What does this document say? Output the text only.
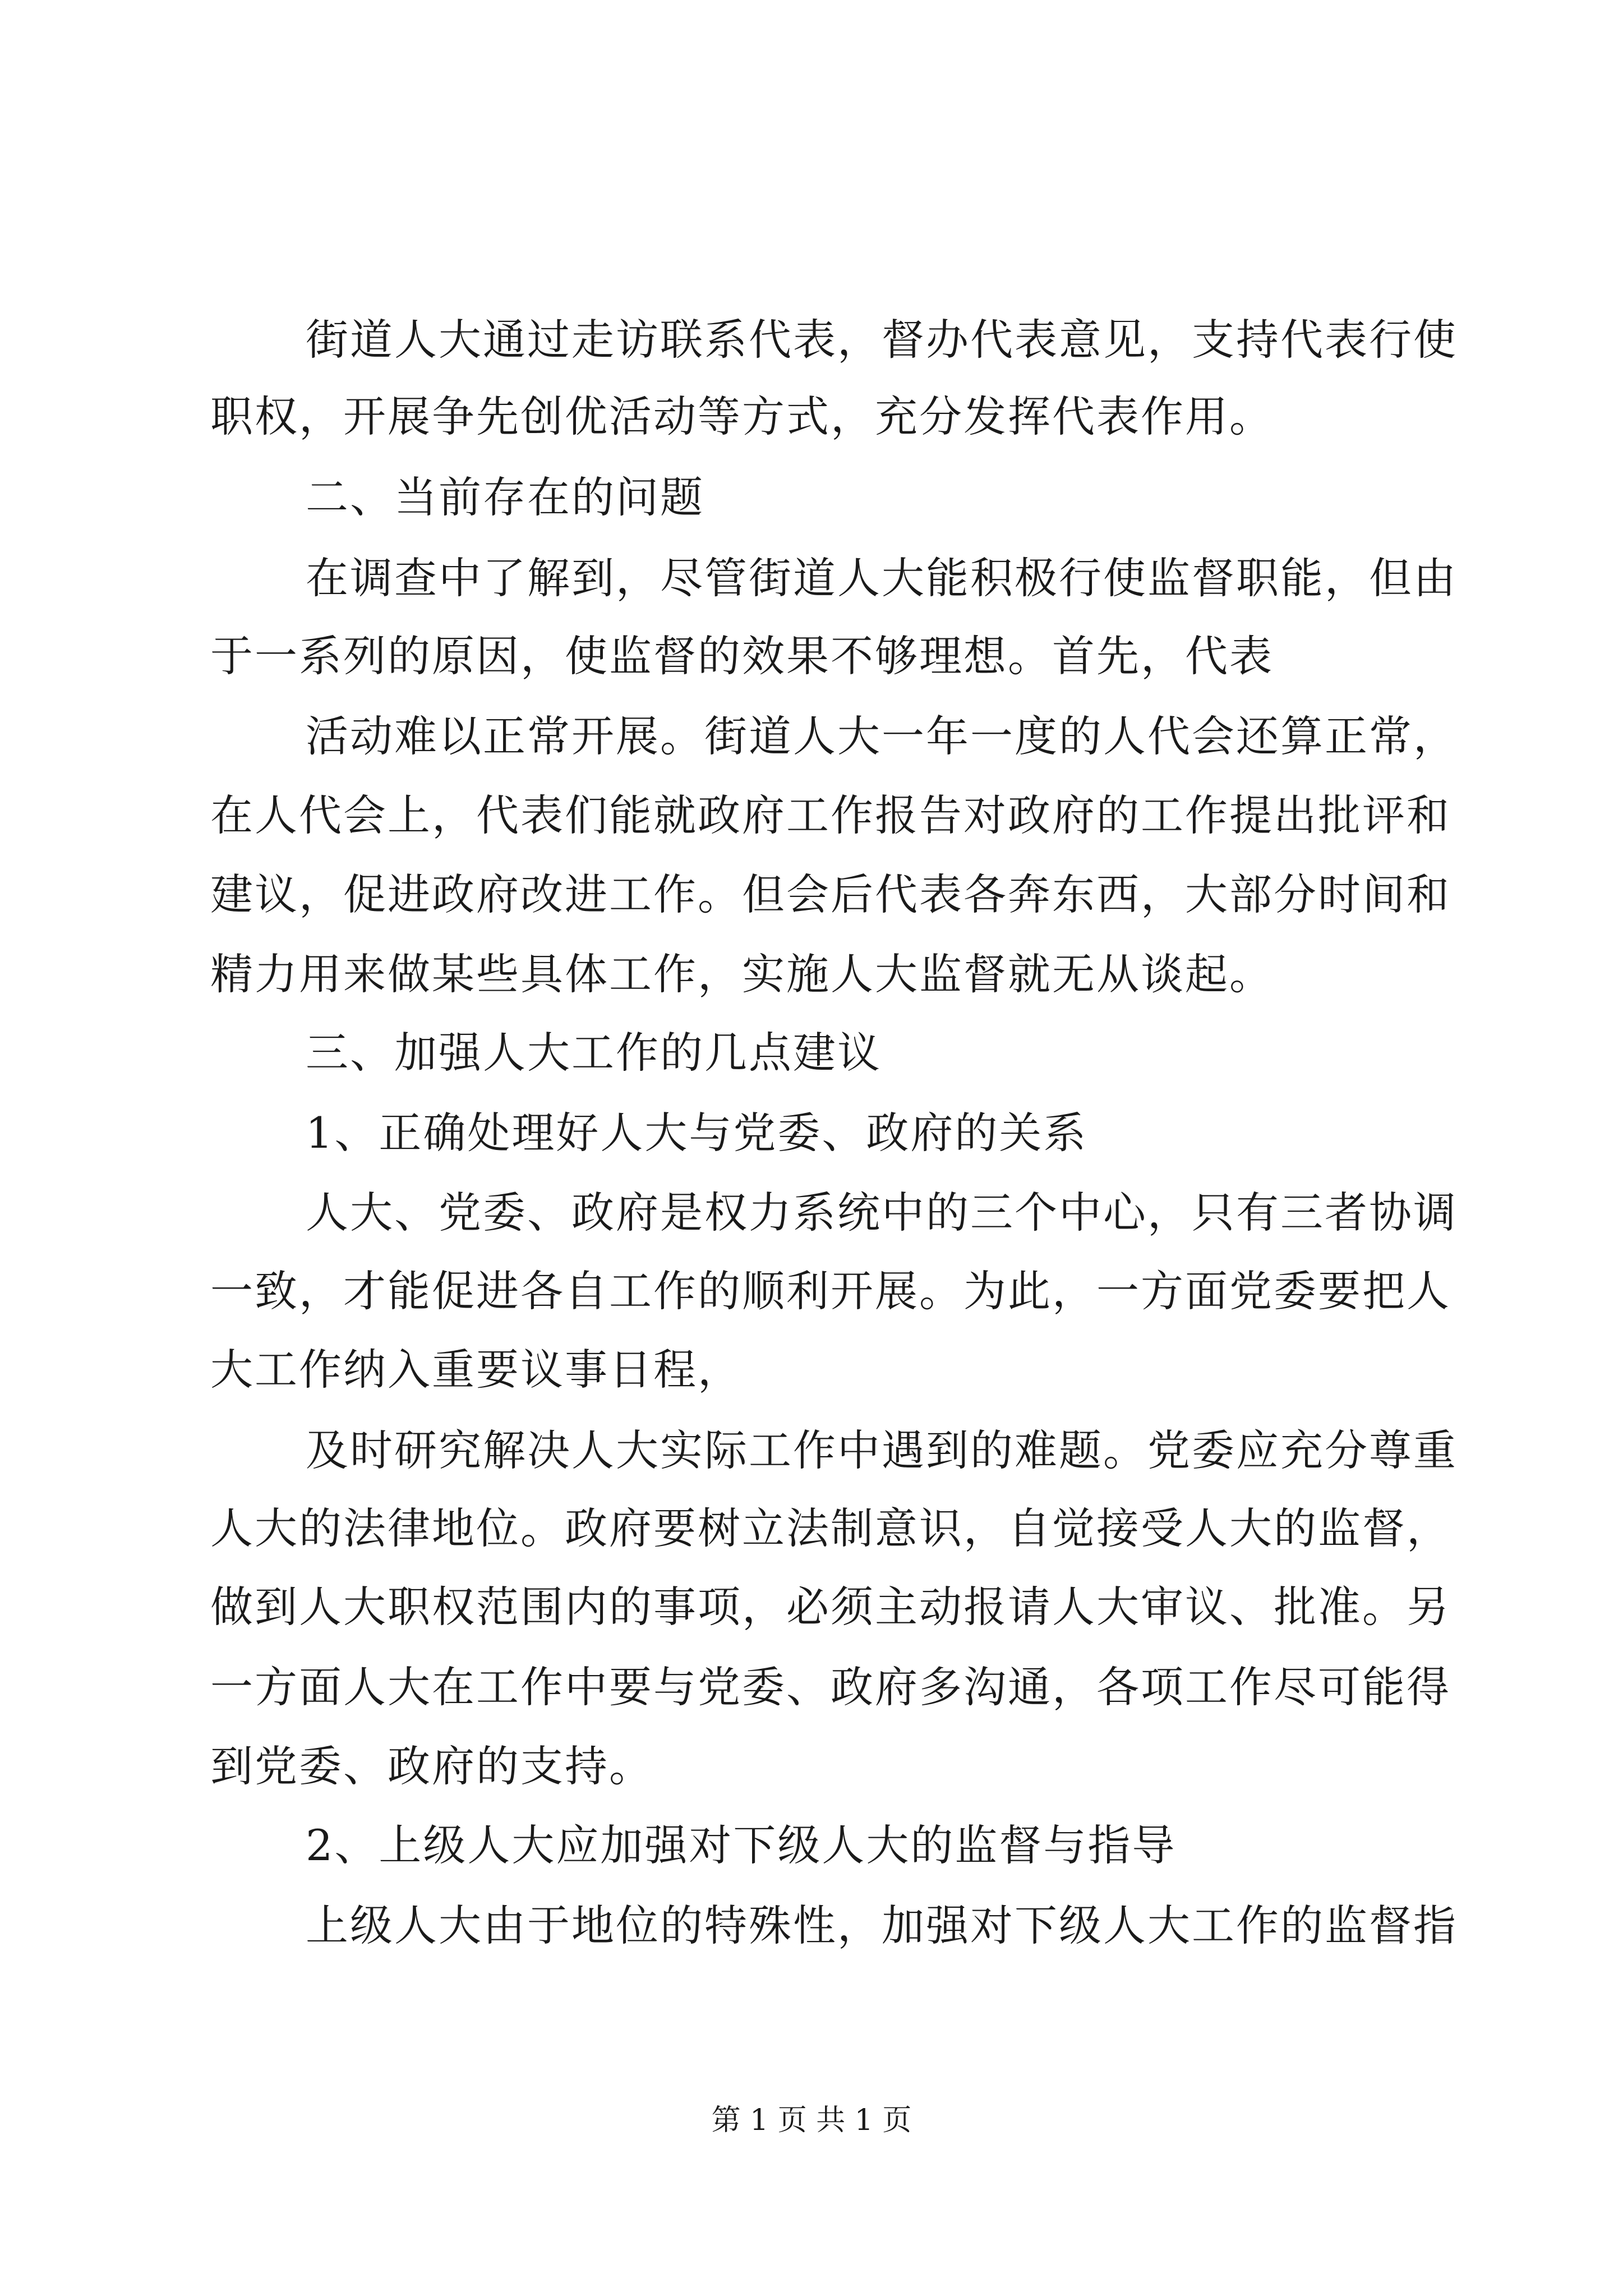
街道人大通过走访联系代表，督办代表意见，支持代表行使
职权，开展争先创优活动等方式，充分发挥代表作用。
二、当前存在的问题
在调查中了解到，尽管街道人大能积极行使监督职能，但由
于一系列的原因，使监督的效果不够理想。首先，代表
活动难以正常开展。街道人大一年一度的人代会还算正常，
在人代会上，代表们能就政府工作报告对政府的工作提出批评和
建议，促进政府改进工作。但会后代表各奔东西，大部分时间和
精力用来做某些具体工作，实施人大监督就无从谈起。
三、加强人大工作的几点建议
1、正确处理好人大与党委、政府的关系
人大、党委、政府是权力系统中的三个中心，只有三者协调
一致，才能促进各自工作的顺利开展。为此，一方面党委要把人
大工作纳入重要议事日程，
及时研究解决人大实际工作中遇到的难题。党委应充分尊重
人大的法律地位。政府要树立法制意识，自觉接受人大的监督，
做到人大职权范围内的事项，必须主动报请人大审议、批准。另
一方面人大在工作中要与党委、政府多沟通，各项工作尽可能得
到党委、政府的支持。
2、上级人大应加强对下级人大的监督与指导
上级人大由于地位的特殊性，加强对下级人大工作的监督指
第 1 页 共 1 页
